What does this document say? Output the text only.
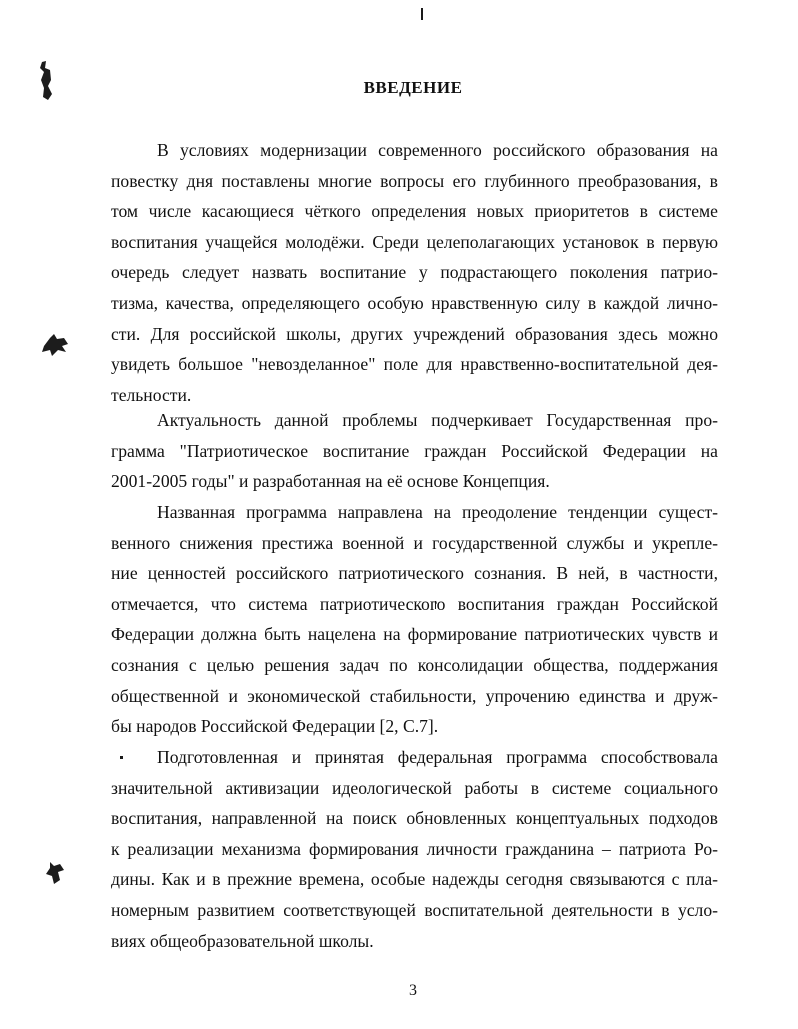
ВВЕДЕНИЕ
В условиях модернизации современного российского образования на
повестку дня поставлены многие вопросы его глубинного преобразования, в
том числе касающиеся чёткого определения новых приоритетов в системе
воспитания учащейся молодёжи. Среди целеполагающих установок в первую
очередь следует назвать воспитание у подрастающего поколения патрио-
тизма, качества, определяющего особую нравственную силу в каждой лично-
сти. Для российской школы, других учреждений образования здесь можно
увидеть большое "невозделанное" поле для нравственно-воспитательной дея-
тельности.
Актуальность данной проблемы подчеркивает Государственная про-
грамма "Патриотическое воспитание граждан Российской Федерации на
2001-2005 годы" и разработанная на её основе Концепция.
Названная программа направлена на преодоление тенденции сущест-
венного снижения престижа военной и государственной службы и укрепле-
ние ценностей российского патриотического сознания. В ней, в частности,
отмечается, что система патриотического воспитания граждан Российской
Федерации должна быть нацелена на формирование патриотических чувств и
сознания с целью решения задач по консолидации общества, поддержания
общественной и экономической стабильности, упрочению единства и друж-
бы народов Российской Федерации [2, С.7].
Подготовленная и принятая федеральная программа способствовала
значительной активизации идеологической работы в системе социального
воспитания, направленной на поиск обновленных концептуальных подходов
к реализации механизма формирования личности гражданина – патриота Ро-
дины. Как и в прежние времена, особые надежды сегодня связываются с пла-
номерным развитием соответствующей воспитательной деятельности в усло-
виях общеобразовательной школы.
3
